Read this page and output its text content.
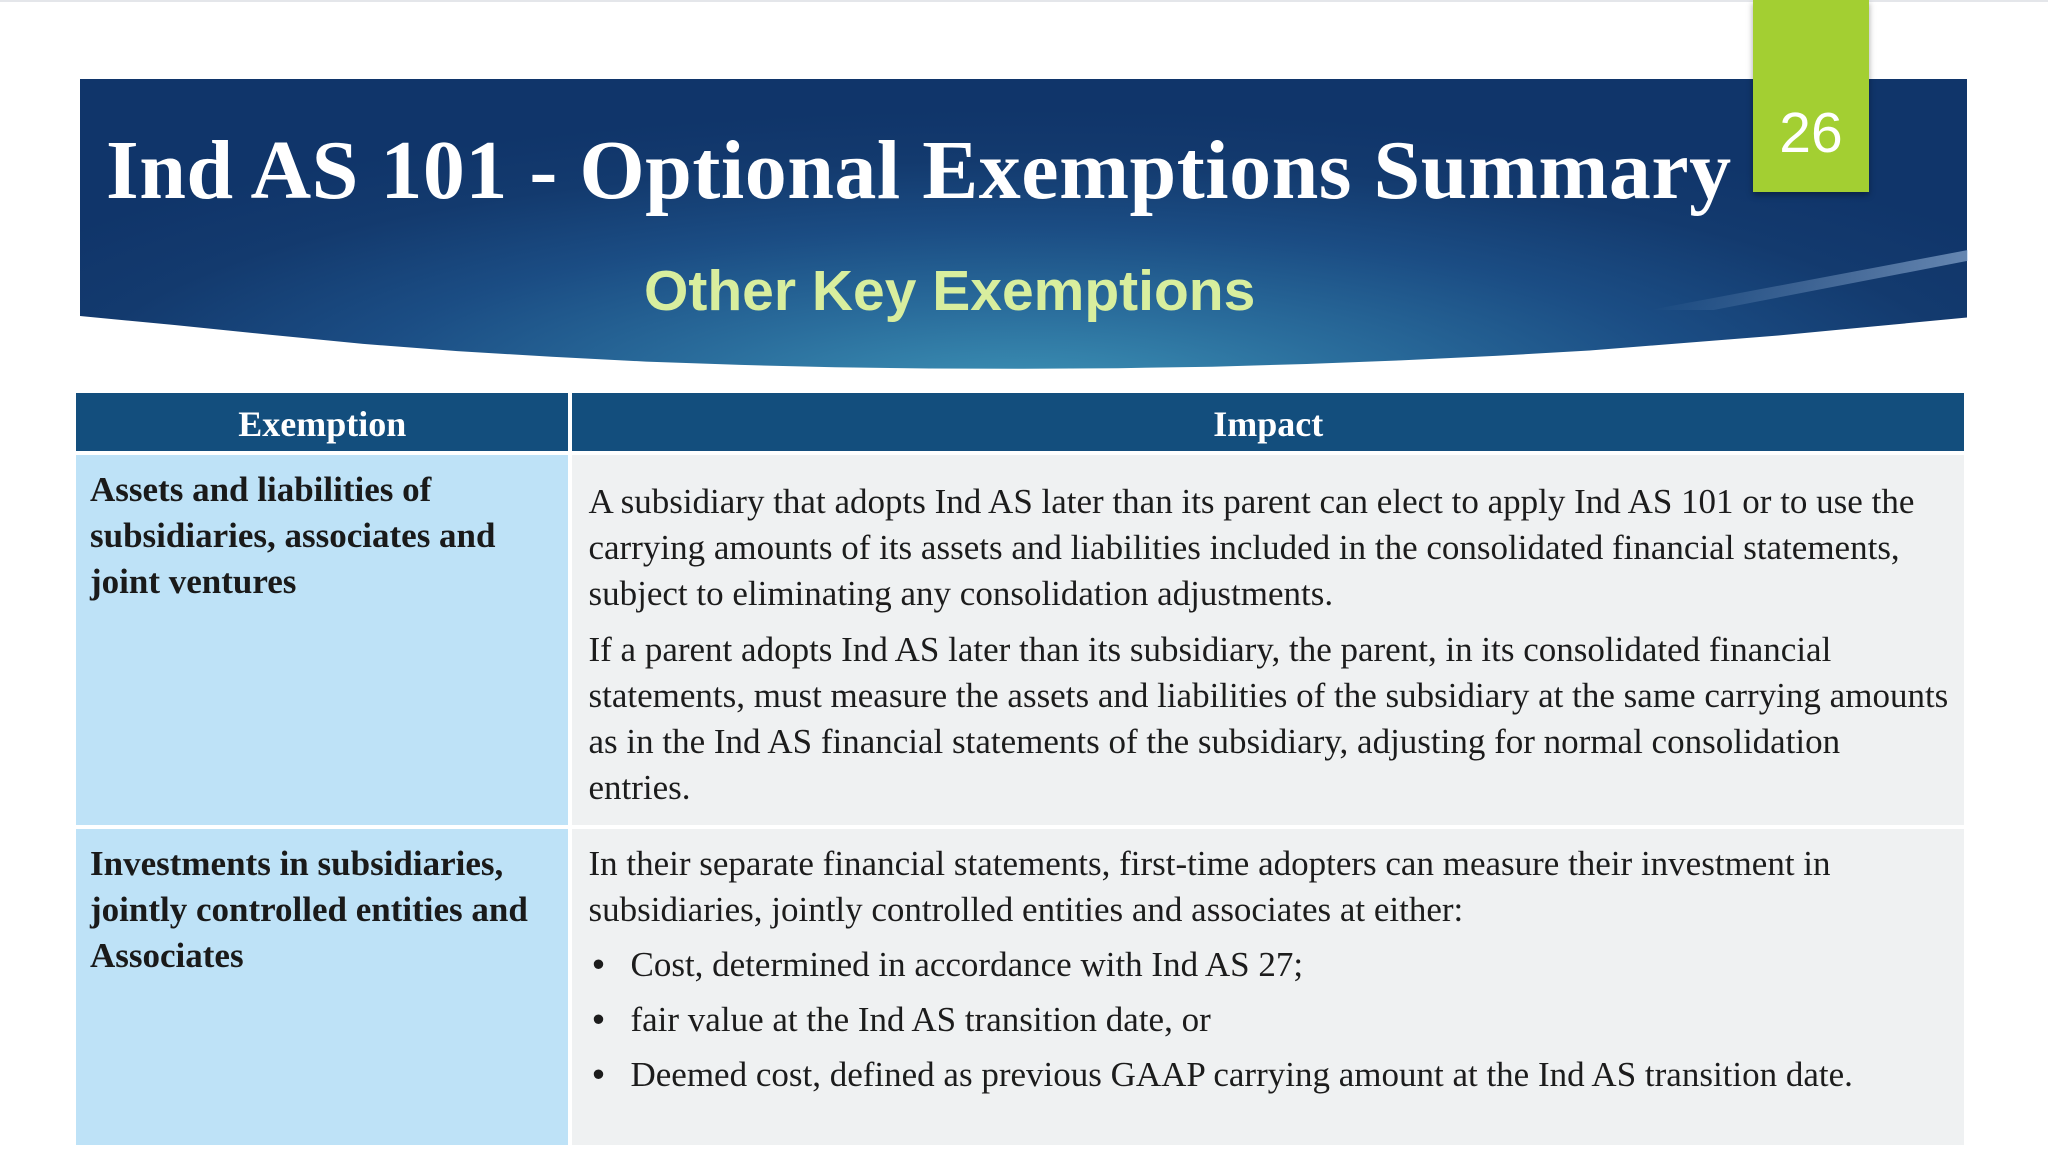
Ind AS 101 - Optional Exemptions Summary
Other Key Exemptions
26
Exemption	Impact
Assets and liabilities of subsidiaries, associates and joint ventures

A subsidiary that adopts Ind AS later than its parent can elect to apply Ind AS 101 or to use the carrying amounts of its assets and liabilities included in the consolidated financial statements, subject to eliminating any consolidation adjustments.

If a parent adopts Ind AS later than its subsidiary, the parent, in its consolidated financial statements, must measure the assets and liabilities of the subsidiary at the same carrying amounts as in the Ind AS financial statements of the subsidiary, adjusting for normal consolidation entries.

Investments in subsidiaries, jointly controlled entities and Associates

In their separate financial statements, first-time adopters can measure their investment in subsidiaries, jointly controlled entities and associates at either:

• Cost, determined in accordance with Ind AS 27;
• fair value at the Ind AS transition date, or
• Deemed cost, defined as previous GAAP carrying amount at the Ind AS transition date.
